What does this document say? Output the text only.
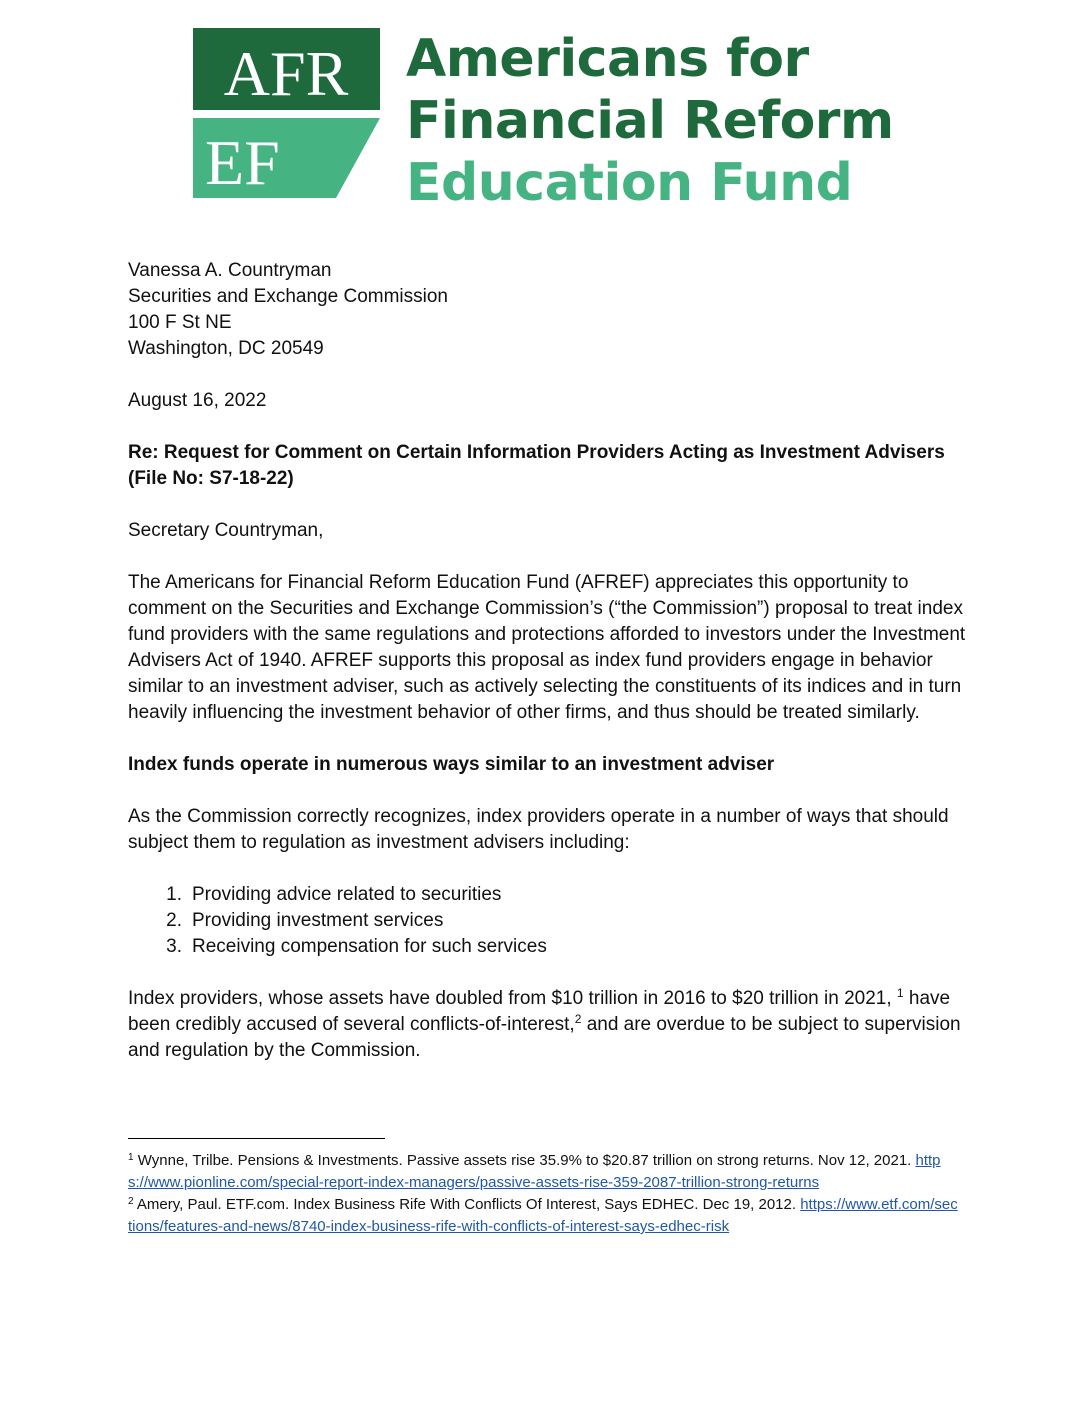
AFR
EF
Americans for
Financial Reform
Education Fund

Vanessa A. Countryman

Securities and Exchange Commission

100 F St NE

Washington, DC 20549

August 16, 2022

Re: Request for Comment on Certain Information Providers Acting as Investment Advisers

(File No: S7-18-22)

Secretary Countryman,

The Americans for Financial Reform Education Fund (AFREF) appreciates this opportunity to comment on the Securities and Exchange Commission’s (“the Commission”) proposal to treat index fund providers with the same regulations and protections afforded to investors under the Investment Advisers Act of 1940. AFREF supports this proposal as index fund providers engage in behavior similar to an investment adviser, such as actively selecting the constituents of its indices and in turn heavily influencing the investment behavior of other firms, and thus should be treated similarly.

Index funds operate in numerous ways similar to an investment adviser

As the Commission correctly recognizes, index providers operate in a number of ways that should subject them to regulation as investment advisers including:

1. Providing advice related to securities
2. Providing investment services
3. Receiving compensation for such services

Index providers, whose assets have doubled from $10 trillion in 2016 to $20 trillion in 2021, $^1$ have been credibly accused of several conflicts-of-interest,$^2$ and are overdue to be subject to supervision and regulation by the Commission.

$^1$ Wynne, Trilbe. Pensions & Investments. Passive assets rise 35.9% to $20.87 trillion on strong returns. Nov 12, 2021. https://www.pionline.com/special-report-index-managers/passive-assets-rise-359-2087-trillion-strong-returns

$^2$ Amery, Paul. ETF.com. Index Business Rife With Conflicts Of Interest, Says EDHEC. Dec 19, 2012. https://www.etf.com/sections/features-and-news/8740-index-business-rife-with-conflicts-of-interest-says-edhec-risk
